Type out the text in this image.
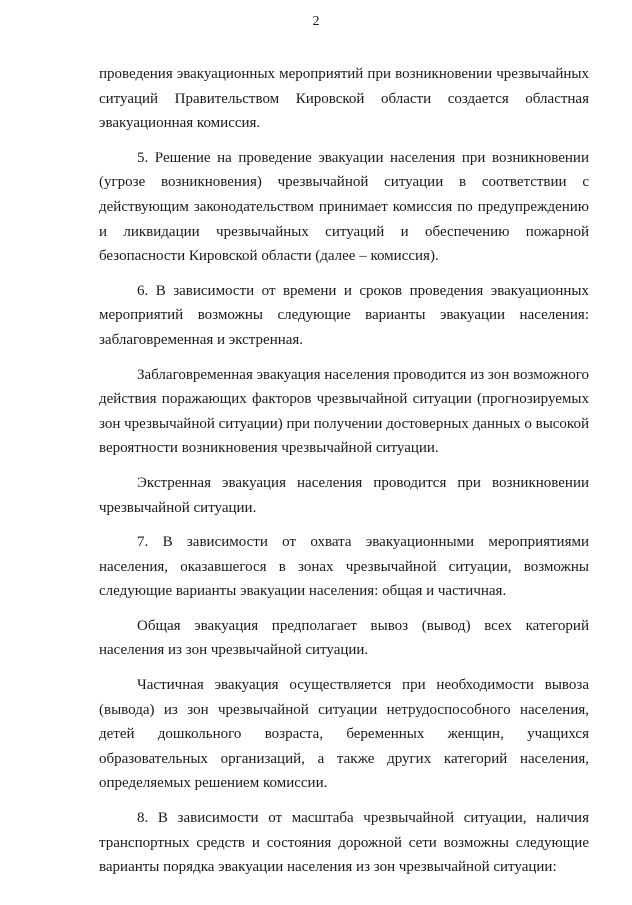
2

проведения эвакуационных мероприятий при возникновении чрезвычайных ситуаций Правительством Кировской области создается областная эвакуационная комиссия.

5. Решение на проведение эвакуации населения при возникновении (угрозе возникновения) чрезвычайной ситуации в соответствии с действующим законодательством принимает комиссия по предупреждению и ликвидации чрезвычайных ситуаций и обеспечению пожарной безопасности Кировской области (далее – комиссия).

6. В зависимости от времени и сроков проведения эвакуационных мероприятий возможны следующие варианты эвакуации населения: заблаговременная и экстренная.

Заблаговременная эвакуация населения проводится из зон возможного действия поражающих факторов чрезвычайной ситуации (прогнозируемых зон чрезвычайной ситуации) при получении достоверных данных о высокой вероятности возникновения чрезвычайной ситуации.

Экстренная эвакуация населения проводится при возникновении чрезвычайной ситуации.

7. В зависимости от охвата эвакуационными мероприятиями населения, оказавшегося в зонах чрезвычайной ситуации, возможны следующие варианты эвакуации населения: общая и частичная.

Общая эвакуация предполагает вывоз (вывод) всех категорий населения из зон чрезвычайной ситуации.

Частичная эвакуация осуществляется при необходимости вывоза (вывода) из зон чрезвычайной ситуации нетрудоспособного населения, детей дошкольного возраста, беременных женщин, учащихся образовательных организаций, а также других категорий населения, определяемых решением комиссии.

8. В зависимости от масштаба чрезвычайной ситуации, наличия транспортных средств и состояния дорожной сети возможны следующие варианты порядка эвакуации населения из зон чрезвычайной ситуации:
